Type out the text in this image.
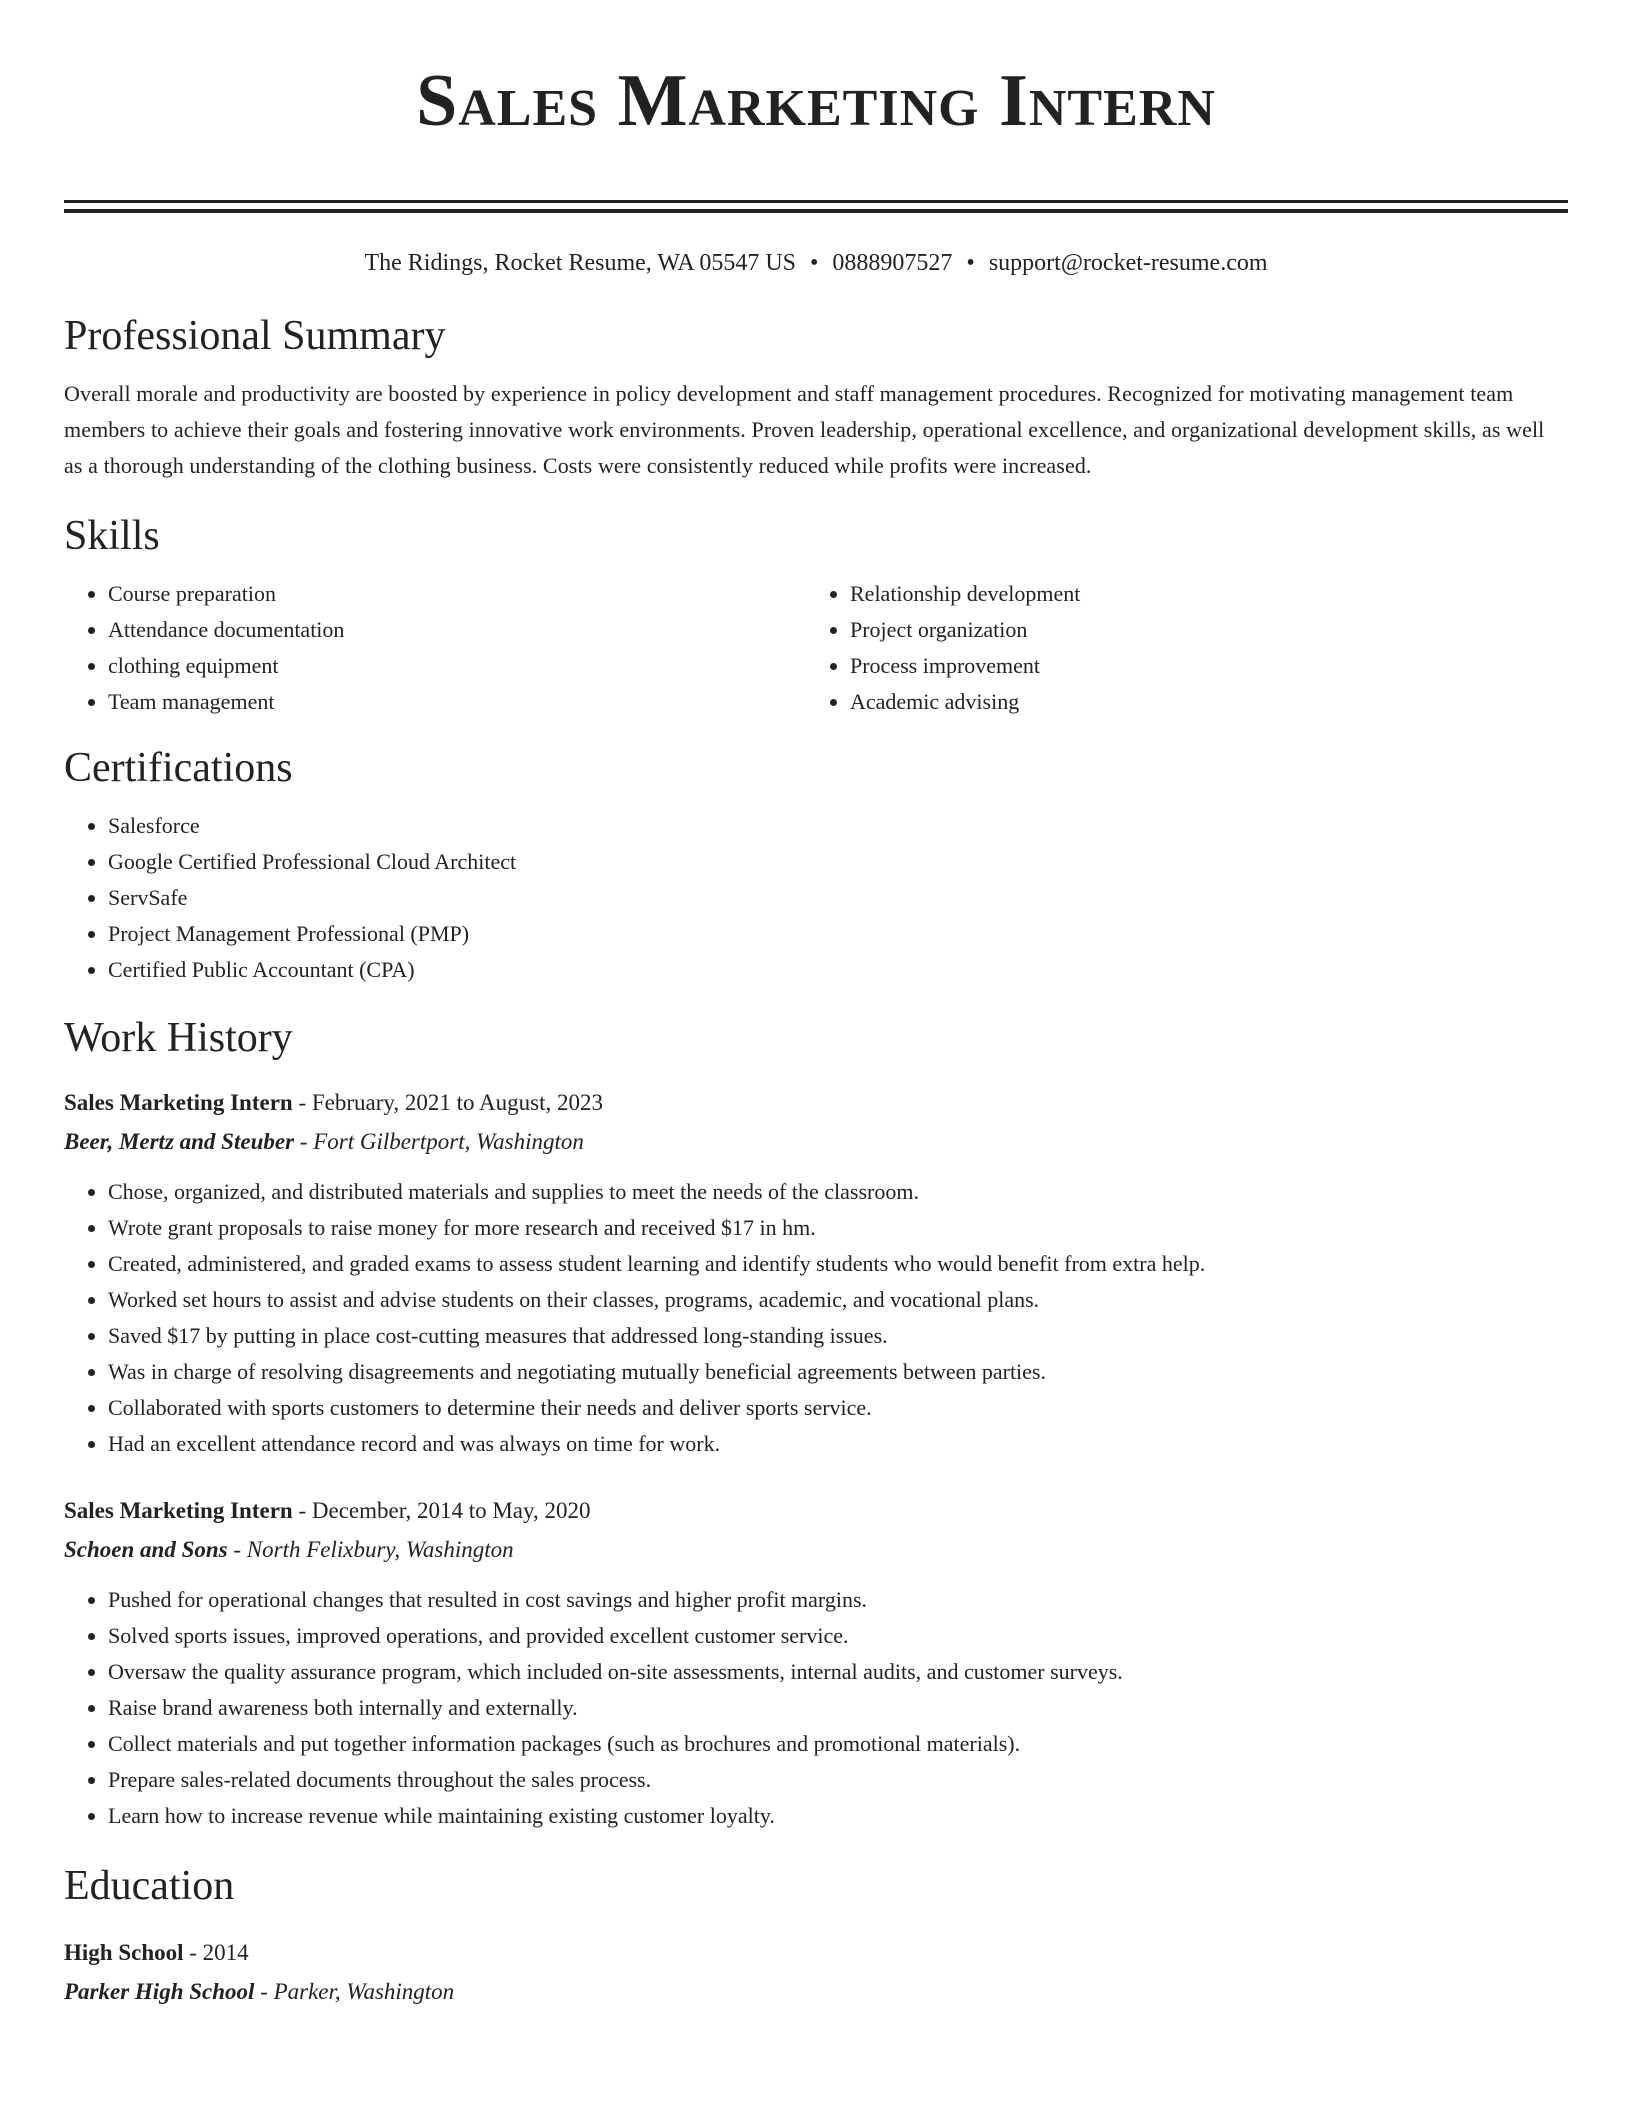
Sales Marketing Intern
The Ridings, Rocket Resume, WA 05547 US • 0888907527 • support@rocket-resume.com
Professional Summary
Overall morale and productivity are boosted by experience in policy development and staff management procedures. Recognized for motivating management team members to achieve their goals and fostering innovative work environments. Proven leadership, operational excellence, and organizational development skills, as well as a thorough understanding of the clothing business. Costs were consistently reduced while profits were increased.
Skills
• Course preparation
• Attendance documentation
• clothing equipment
• Team management
• Relationship development
• Project organization
• Process improvement
• Academic advising
Certifications
• Salesforce
• Google Certified Professional Cloud Architect
• ServSafe
• Project Management Professional (PMP)
• Certified Public Accountant (CPA)
Work History
Sales Marketing Intern - February, 2021 to August, 2023
Beer, Mertz and Steuber - Fort Gilbertport, Washington
• Chose, organized, and distributed materials and supplies to meet the needs of the classroom.
• Wrote grant proposals to raise money for more research and received $17 in hm.
• Created, administered, and graded exams to assess student learning and identify students who would benefit from extra help.
• Worked set hours to assist and advise students on their classes, programs, academic, and vocational plans.
• Saved $17 by putting in place cost-cutting measures that addressed long-standing issues.
• Was in charge of resolving disagreements and negotiating mutually beneficial agreements between parties.
• Collaborated with sports customers to determine their needs and deliver sports service.
• Had an excellent attendance record and was always on time for work.
Sales Marketing Intern - December, 2014 to May, 2020
Schoen and Sons - North Felixbury, Washington
• Pushed for operational changes that resulted in cost savings and higher profit margins.
• Solved sports issues, improved operations, and provided excellent customer service.
• Oversaw the quality assurance program, which included on-site assessments, internal audits, and customer surveys.
• Raise brand awareness both internally and externally.
• Collect materials and put together information packages (such as brochures and promotional materials).
• Prepare sales-related documents throughout the sales process.
• Learn how to increase revenue while maintaining existing customer loyalty.
Education
High School - 2014
Parker High School - Parker, Washington
